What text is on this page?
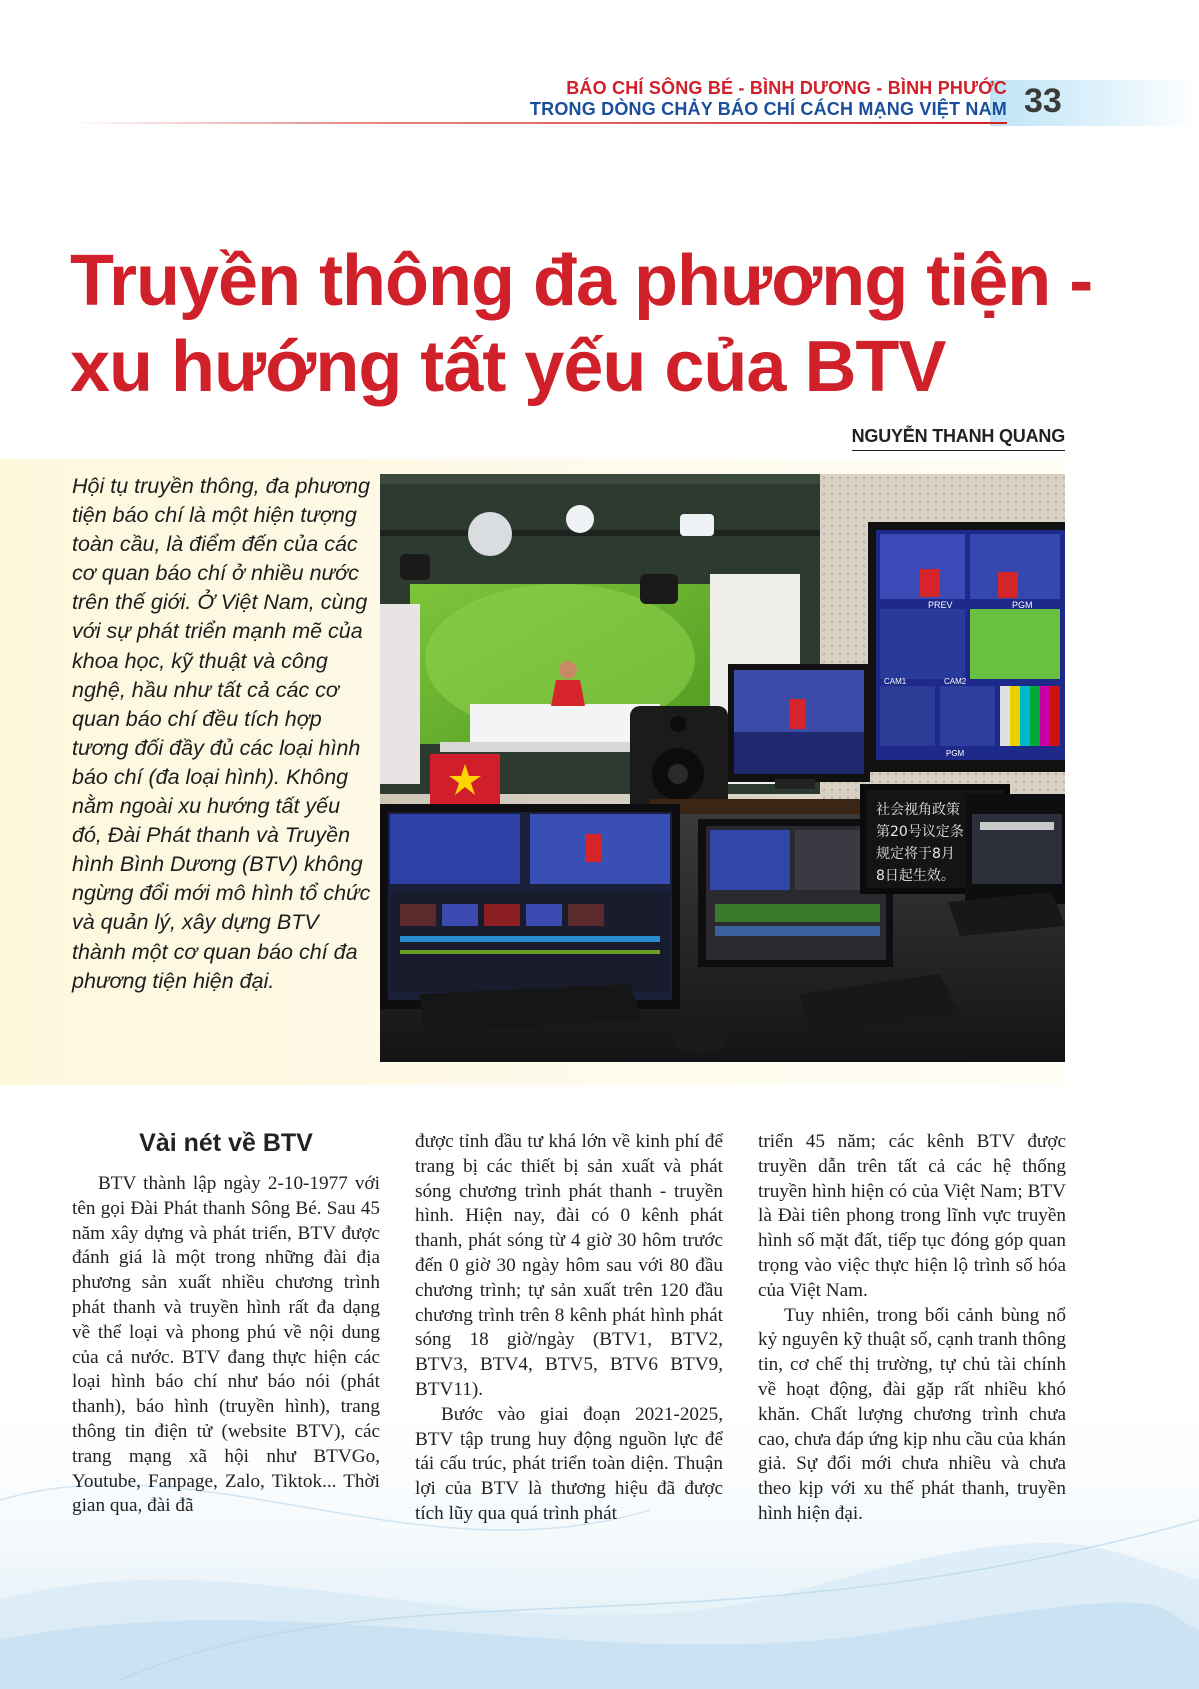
BÁO CHÍ SÔNG BÉ - BÌNH DƯƠNG - BÌNH PHƯỚC
TRONG DÒNG CHẢY BÁO CHÍ CÁCH MẠNG VIỆT NAM 33
Truyền thông đa phương tiện -
xu hướng tất yếu của BTV
NGUYỄN THANH QUANG

Hội tụ truyền thông, đa phương tiện báo chí là một hiện tượng toàn cầu, là điểm đến của các cơ quan báo chí ở nhiều nước trên thế giới. Ở Việt Nam, cùng với sự phát triển mạnh mẽ của khoa học, kỹ thuật và công nghệ, hầu như tất cả các cơ quan báo chí đều tích hợp tương đối đầy đủ các loại hình báo chí (đa loại hình). Không nằm ngoài xu hướng tất yếu đó, Đài Phát thanh và Truyền hình Bình Dương (BTV) không ngừng đổi mới mô hình tổ chức và quản lý, xây dựng BTV thành một cơ quan báo chí đa phương tiện hiện đại.

PREV	PGM
CAM1	CAM2
PGM
社会视角政策
第20号议定条
规定将于8月
8日起生效。
Vài nét về BTV

BTV thành lập ngày 2-10-1977 với tên gọi Đài Phát thanh Sông Bé. Sau 45 năm xây dựng và phát triển, BTV được đánh giá là một trong những đài địa phương sản xuất nhiều chương trình phát thanh và truyền hình rất đa dạng về thể loại và phong phú về nội dung của cả nước. BTV đang thực hiện các loại hình báo chí như báo nói (phát thanh), báo hình (truyền hình), trang thông tin điện tử (website BTV), các trang mạng xã hội như BTVGo, Youtube, Fanpage, Zalo, Tiktok... Thời gian qua, đài đã

được tỉnh đầu tư khá lớn về kinh phí để trang bị các thiết bị sản xuất và phát sóng chương trình phát thanh - truyền hình. Hiện nay, đài có 0 kênh phát thanh, phát sóng từ 4 giờ 30 hôm trước đến 0 giờ 30 ngày hôm sau với 80 đầu chương trình; tự sản xuất trên 120 đầu chương trình trên 8 kênh phát hình phát sóng 18 giờ/ngày (BTV1, BTV2, BTV3, BTV4, BTV5, BTV6 BTV9, BTV11).

Bước vào giai đoạn 2021-2025, BTV tập trung huy động nguồn lực để tái cấu trúc, phát triển toàn diện. Thuận lợi của BTV là thương hiệu đã được tích lũy qua quá trình phát

triển 45 năm; các kênh BTV được truyền dẫn trên tất cả các hệ thống truyền hình hiện có của Việt Nam; BTV là Đài tiên phong trong lĩnh vực truyền hình số mặt đất, tiếp tục đóng góp quan trọng vào việc thực hiện lộ trình số hóa của Việt Nam.

Tuy nhiên, trong bối cảnh bùng nổ kỷ nguyên kỹ thuật số, cạnh tranh thông tin, cơ chế thị trường, tự chủ tài chính về hoạt động, đài gặp rất nhiều khó khăn. Chất lượng chương trình chưa cao, chưa đáp ứng kịp nhu cầu của khán giả. Sự đổi mới chưa nhiều và chưa theo kịp với xu thế phát thanh, truyền hình hiện đại.
